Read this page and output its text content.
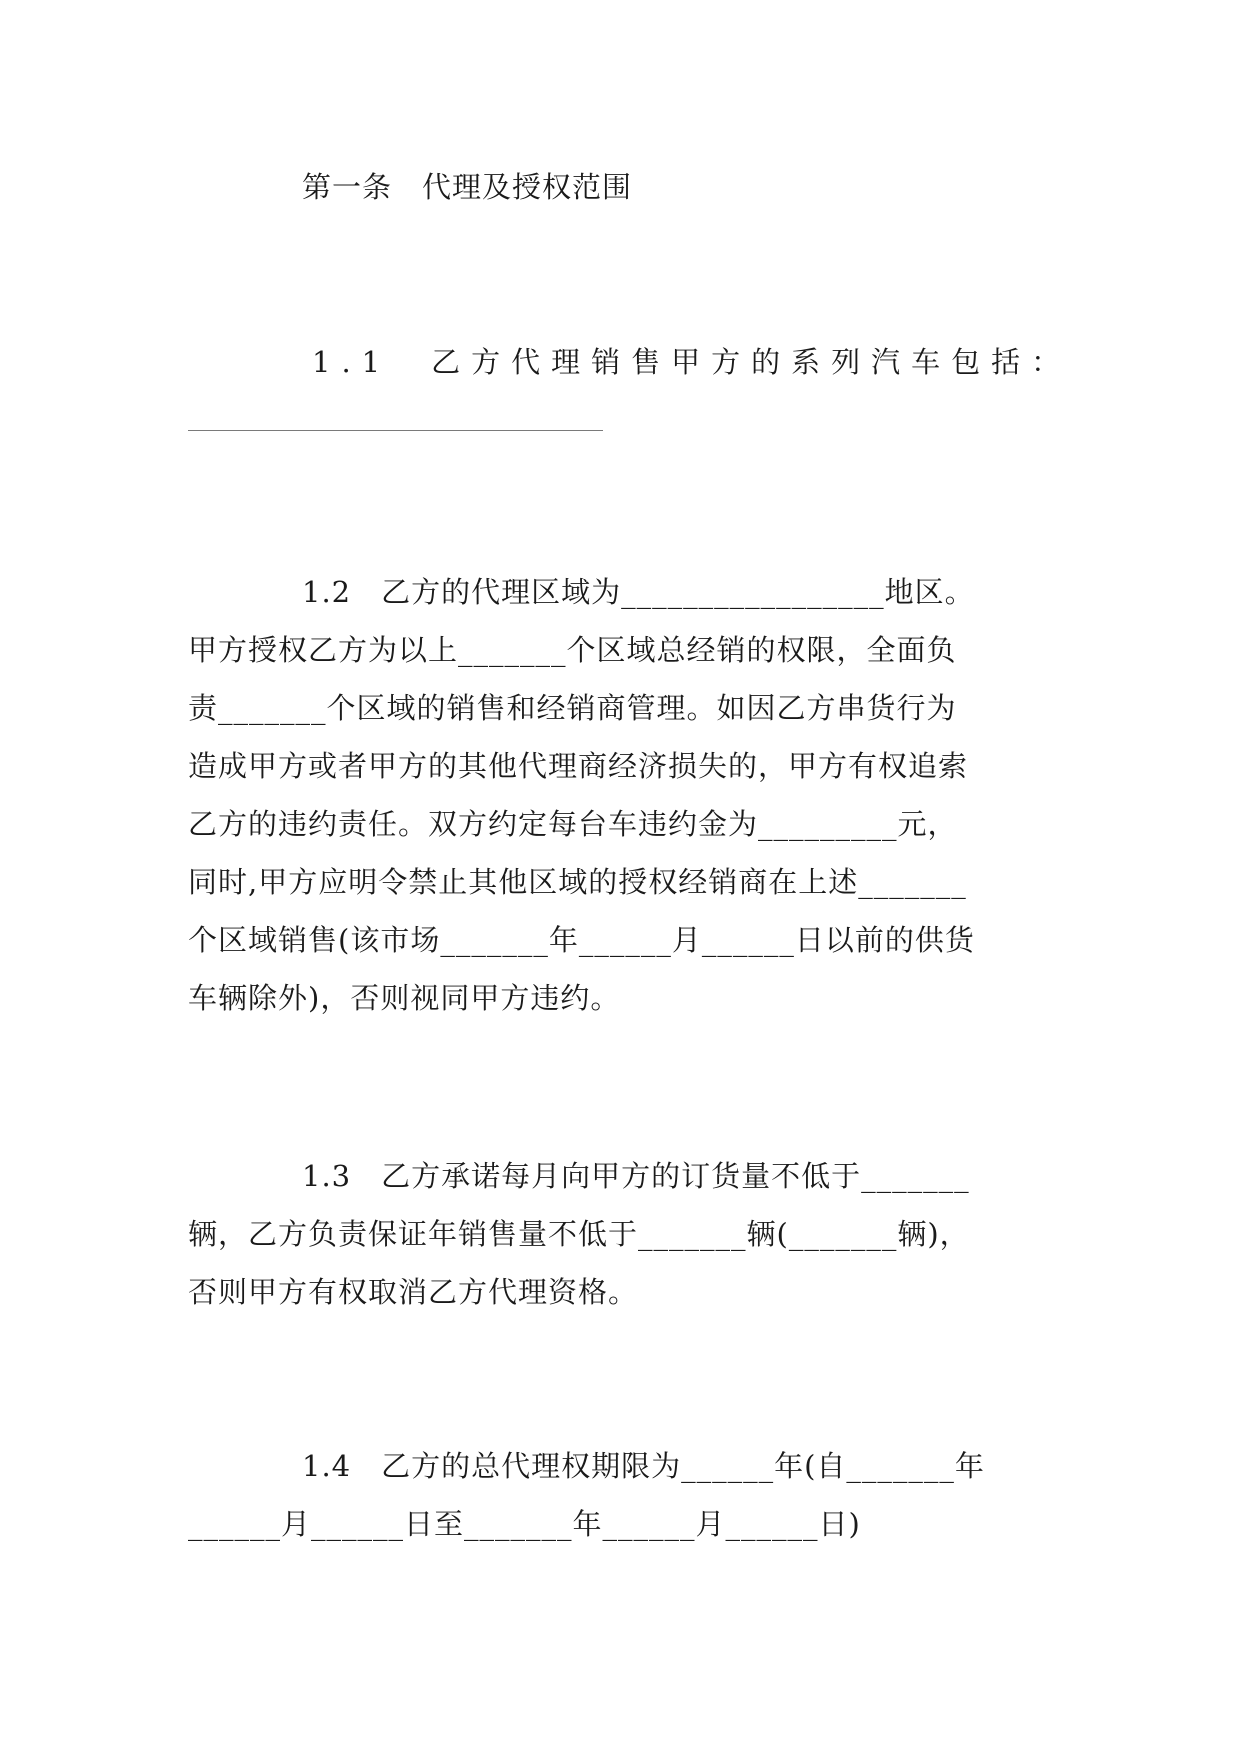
第一条　代理及授权范围
1.1　乙方代理销售甲方的系列汽车包括：
1.2　乙方的代理区域为_________________地区。
甲方授权乙方为以上_______个区域总经销的权限，全面负
责_______个区域的销售和经销商管理。如因乙方串货行为
造成甲方或者甲方的其他代理商经济损失的，甲方有权追索
乙方的违约责任。双方约定每台车违约金为_________元，
同时,甲方应明令禁止其他区域的授权经销商在上述_______
个区域销售(该市场_______年______月______日以前的供货
车辆除外)，否则视同甲方违约。
1.3　乙方承诺每月向甲方的订货量不低于_______
辆，乙方负责保证年销售量不低于_______辆(_______辆)，
否则甲方有权取消乙方代理资格。
1.4　乙方的总代理权期限为______年(自_______年
______月______日至_______年______月______日)
